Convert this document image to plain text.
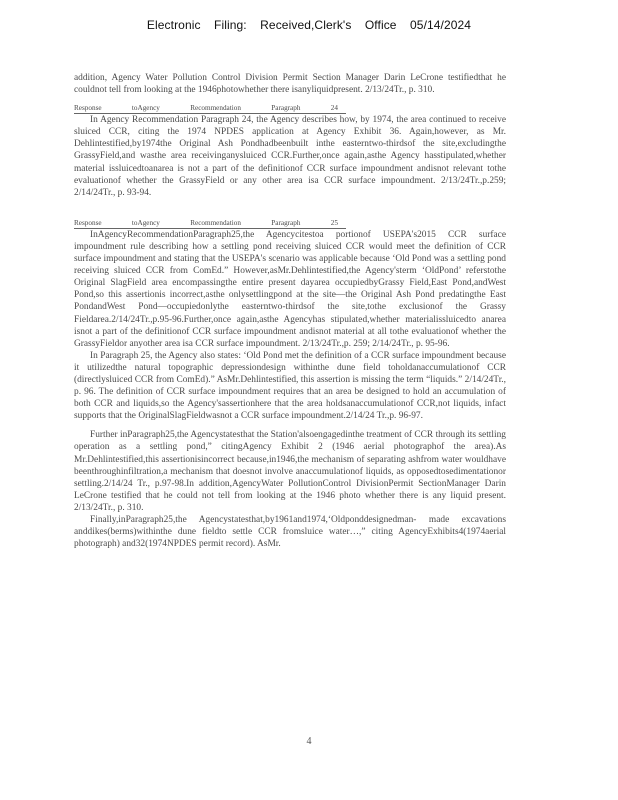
Electronic Filing: Received,Clerk's Office 05/14/2024

addition, Agency Water Pollution Control Division Permit Section Manager Darin LeCrone testifiedthat he couldnot tell from looking at the 1946photowhether there isanyliquidpresent. 2/13/24Tr., p. 310.

Response	toAgency	Recommendation	Paragraph	24

In Agency Recommendation Paragraph 24, the Agency describes how, by 1974, the area continued to receive sluiced CCR, citing the 1974 NPDES application at Agency Exhibit 36. Again,however, as Mr. Dehlintestified,by1974the Original Ash Pondhadbeenbuilt inthe easterntwo-thirdsof the site,excludingthe GrassyField,and wasthe area receivinganysluiced CCR.Further,once again,asthe Agency hasstipulated,whether material issluicedtoanarea is not a part of the definitionof CCR surface impoundment andisnot relevant tothe evaluationof whether the GrassyField or any other area isa CCR surface impoundment. 2/13/24Tr.,p.259; 2/14/24Tr., p. 93-94.

Response	toAgency	Recommendation	Paragraph	25

InAgencyRecommendationParagraph25,the Agencycitestoa portionof USEPA's2015 CCR surface impoundment rule describing how a settling pond receiving sluiced CCR would meet the definition of CCR surface impoundment and stating that the USEPA's scenario was applicable because ‘Old Pond was a settling pond receiving sluiced CCR from ComEd.” However,asMr.Dehlintestified,the Agency'sterm ‘OldPond’ referstothe Original SlagField area encompassingthe entire present dayarea occupiedbyGrassy Field,East Pond,andWest Pond,so this assertionis incorrect,asthe onlysettlingpond at the site—the Original Ash Pond predatingthe East PondandWest Pond—occupiedonlythe easterntwo-thirdsof the site,tothe exclusionof the Grassy Fieldarea.2/14/24Tr.,p.95-96.Further,once again,asthe Agencyhas stipulated,whether materialissluicedto anarea isnot a part of the definitionof CCR surface impoundment andisnot material at all tothe evaluationof whether the GrassyFieldor anyother area isa CCR surface impoundment. 2/13/24Tr.,p. 259; 2/14/24Tr., p. 95-96.

In Paragraph 25, the Agency also states: ‘Old Pond met the definition of a CCR surface impoundment because it utilizedthe natural topographic depressiondesign withinthe dune field toholdanaccumulationof CCR (directlysluiced CCR from ComEd).” AsMr.Dehlintestified, this assertion is missing the term “liquids.” 2/14/24Tr., p. 96. The definition of CCR surface impoundment requires that an area be designed to hold an accumulation of both CCR and liquids,so the Agency'sassertionhere that the area holdsanaccumulationof CCR,not liquids, infact supports that the OriginalSlagFieldwasnot a CCR surface impoundment.2/14/24 Tr.,p. 96-97.

Further inParagraph25,the Agencystatesthat the Station'alsoengagedinthe treatment of CCR through its settling operation as a settling pond,” citingAgency Exhibit 2 (1946 aerial photographof the area).As Mr.Dehlintestified,this assertionisincorrect because,in1946,the mechanism of separating ashfrom water wouldhave beenthroughinfiltration,a mechanism that doesnot involve anaccumulationof liquids, as opposedtosedimentationor settling.2/14/24 Tr., p.97-98.In addition,AgencyWater PollutionControl DivisionPermit SectionManager Darin LeCrone testified that he could not tell from looking at the 1946 photo whether there is any liquid present. 2/13/24Tr., p. 310.

Finally,inParagraph25,the Agencystatesthat,by1961and1974,‘Oldponddesignedman- made excavations anddikes(berms)withinthe dune fieldto settle CCR fromsluice water…,” citing AgencyExhibits4(1974aerial photograph) and32(1974NPDES permit record). AsMr.

4
